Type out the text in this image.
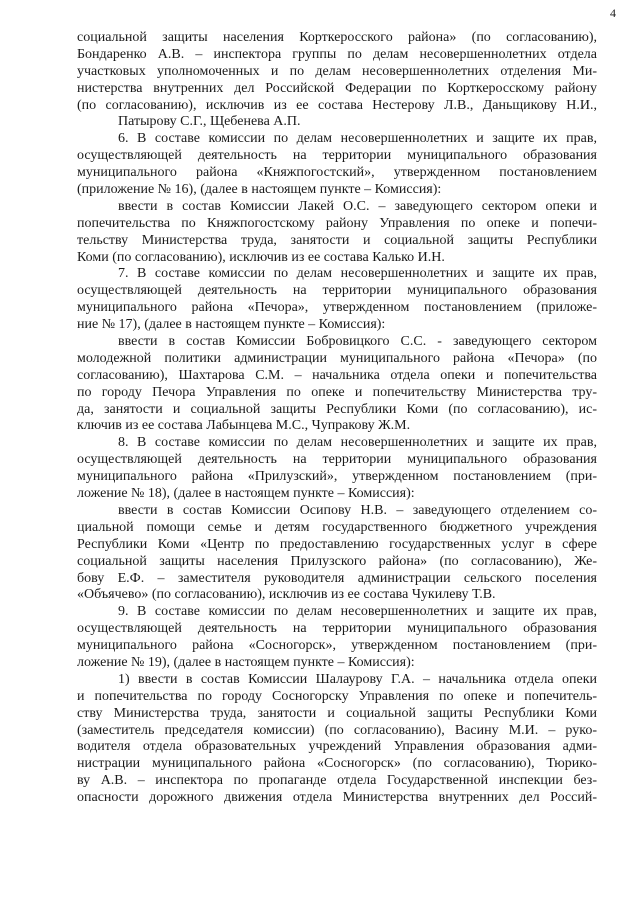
4
социальной защиты населения Корткеросского района» (по согласованию),
Бондаренко А.В. – инспектора группы по делам несовершеннолетних отдела
участковых уполномоченных и по делам несовершеннолетних отделения Ми-
нистерства внутренних дел Российской Федерации по Корткеросскому району
(по согласованию), исключив из ее состава Нестерову Л.В., Даньщикову Н.И.,
Патырову С.Г., Щебенева А.П.
6. В составе комиссии по делам несовершеннолетних и защите их прав,
осуществляющей деятельность на территории муниципального образования
муниципального района «Княжпогостский», утвержденном постановлением
(приложение № 16), (далее в настоящем пункте – Комиссия):
ввести в состав Комиссии Лакей О.С. – заведующего сектором опеки и
попечительства по Княжпогостскому району Управления по опеке и попечи-
тельству Министерства труда, занятости и социальной защиты Республики
Коми (по согласованию), исключив из ее состава Калько И.Н.
7. В составе комиссии по делам несовершеннолетних и защите их прав,
осуществляющей деятельность на территории муниципального образования
муниципального района «Печора», утвержденном постановлением (приложе-
ние № 17), (далее в настоящем пункте – Комиссия):
ввести в состав Комиссии Бобровицкого С.С. - заведующего сектором
молодежной политики администрации муниципального района «Печора» (по
согласованию), Шахтарова С.М. – начальника отдела опеки и попечительства
по городу Печора Управления по опеке и попечительству Министерства тру-
да, занятости и социальной защиты Республики Коми (по согласованию), ис-
ключив из ее состава Лабынцева М.С., Чупракову Ж.М.
8. В составе комиссии по делам несовершеннолетних и защите их прав,
осуществляющей деятельность на территории муниципального образования
муниципального района «Прилузский», утвержденном постановлением (при-
ложение № 18), (далее в настоящем пункте – Комиссия):
ввести в состав Комиссии Осипову Н.В. – заведующего отделением со-
циальной помощи семье и детям государственного бюджетного учреждения
Республики Коми «Центр по предоставлению государственных услуг в сфере
социальной защиты населения Прилузского района» (по согласованию), Же-
бову Е.Ф. – заместителя руководителя администрации сельского поселения
«Объячево» (по согласованию), исключив из ее состава Чукилеву Т.В.
9. В составе комиссии по делам несовершеннолетних и защите их прав,
осуществляющей деятельность на территории муниципального образования
муниципального района «Сосногорск», утвержденном постановлением (при-
ложение № 19), (далее в настоящем пункте – Комиссия):
1) ввести в состав Комиссии Шалаурову Г.А. – начальника отдела опеки
и попечительства по городу Сосногорску Управления по опеке и попечитель-
ству Министерства труда, занятости и социальной защиты Республики Коми
(заместитель председателя комиссии) (по согласованию), Васину М.И. – руко-
водителя отдела образовательных учреждений Управления образования адми-
нистрации муниципального района «Сосногорск» (по согласованию), Тюрико-
ву А.В. – инспектора по пропаганде отдела Государственной инспекции без-
опасности дорожного движения отдела Министерства внутренних дел Россий-
